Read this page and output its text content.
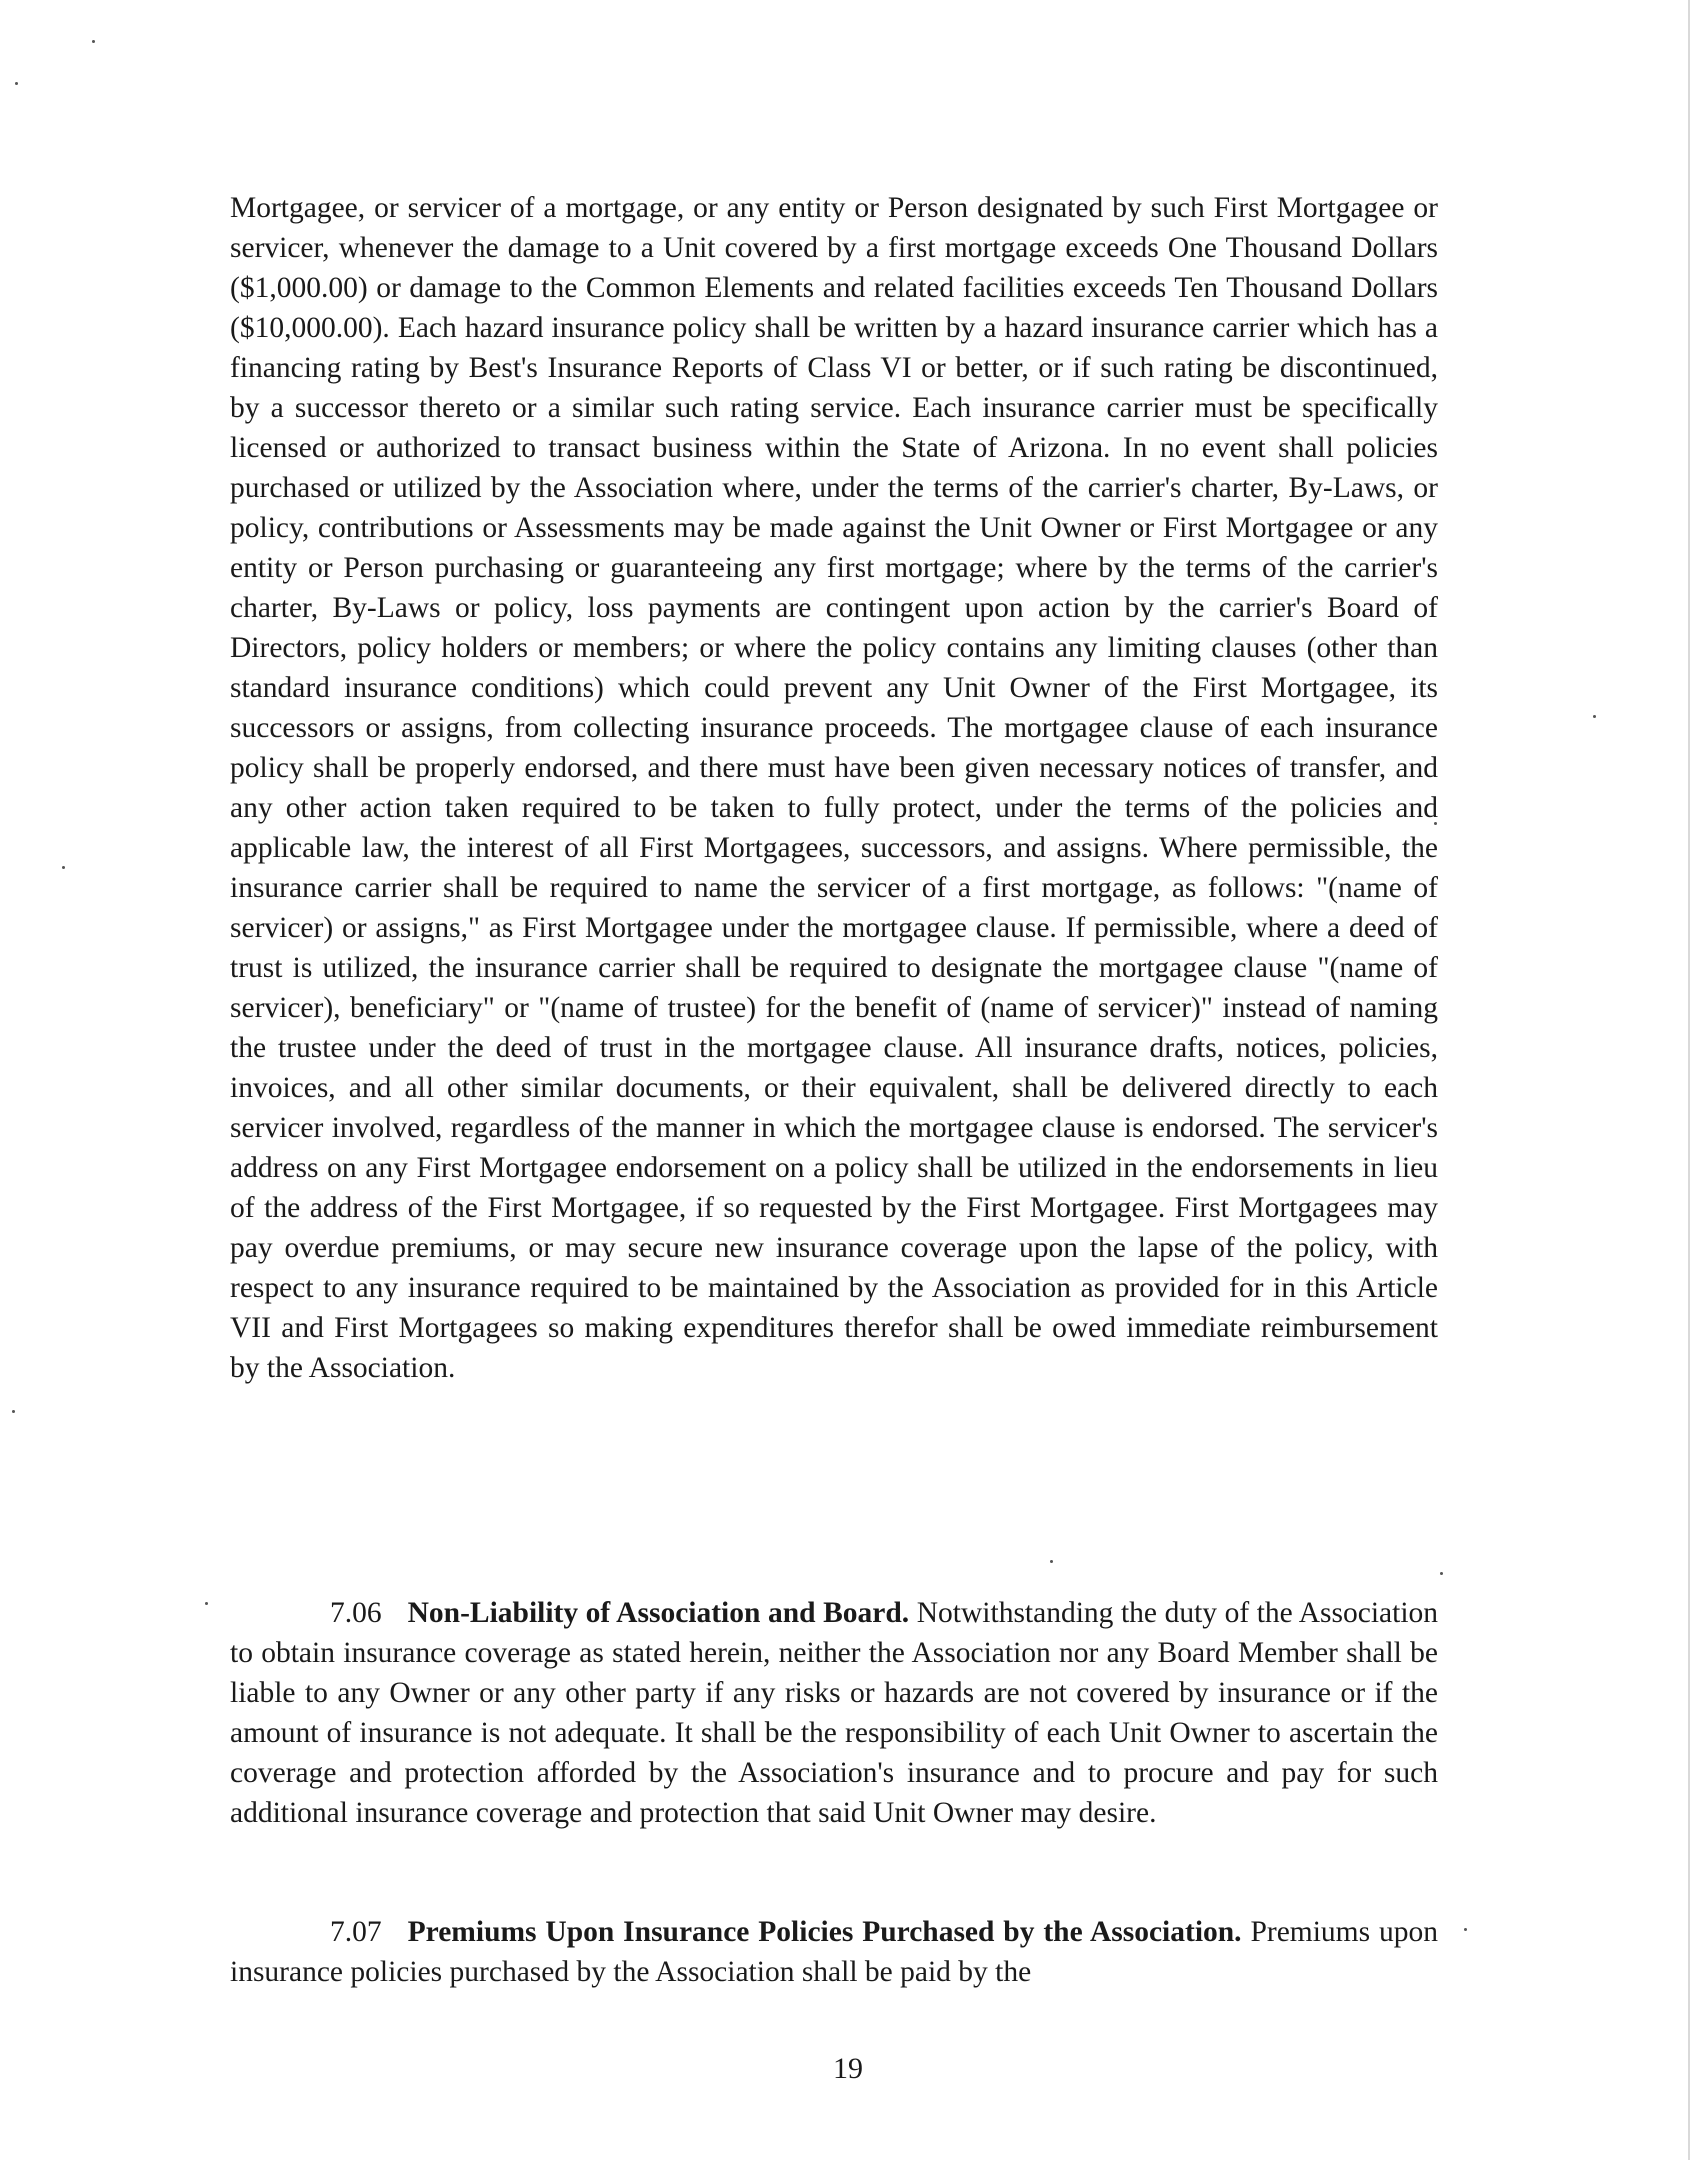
Mortgagee, or servicer of a mortgage, or any entity or Person designated by such First Mortgagee or servicer, whenever the damage to a Unit covered by a first mortgage exceeds One Thousand Dollars ($1,000.00) or damage to the Common Elements and related facilities exceeds Ten Thousand Dollars ($10,000.00). Each hazard insurance policy shall be written by a hazard insurance carrier which has a financing rating by Best's Insurance Reports of Class VI or better, or if such rating be discontinued, by a successor thereto or a similar such rating service. Each insurance carrier must be specifically licensed or authorized to transact business within the State of Arizona. In no event shall policies purchased or utilized by the Association where, under the terms of the carrier's charter, By-Laws, or policy, contributions or Assessments may be made against the Unit Owner or First Mortgagee or any entity or Person purchasing or guaranteeing any first mortgage; where by the terms of the carrier's charter, By-Laws or policy, loss payments are contingent upon action by the carrier's Board of Directors, policy holders or members; or where the policy contains any limiting clauses (other than standard insurance conditions) which could prevent any Unit Owner of the First Mortgagee, its successors or assigns, from collecting insurance proceeds. The mortgagee clause of each insurance policy shall be properly endorsed, and there must have been given necessary notices of transfer, and any other action taken required to be taken to fully protect, under the terms of the policies and applicable law, the interest of all First Mortgagees, successors, and assigns. Where permissible, the insurance carrier shall be required to name the servicer of a first mortgage, as follows: "(name of servicer) or assigns," as First Mortgagee under the mortgagee clause. If permissible, where a deed of trust is utilized, the insurance carrier shall be required to designate the mortgagee clause "(name of servicer), beneficiary" or "(name of trustee) for the benefit of (name of servicer)" instead of naming the trustee under the deed of trust in the mortgagee clause. All insurance drafts, notices, policies, invoices, and all other similar documents, or their equivalent, shall be delivered directly to each servicer involved, regardless of the manner in which the mortgagee clause is endorsed. The servicer's address on any First Mortgagee endorsement on a policy shall be utilized in the endorsements in lieu of the address of the First Mortgagee, if so requested by the First Mortgagee. First Mortgagees may pay overdue premiums, or may secure new insurance coverage upon the lapse of the policy, with respect to any insurance required to be maintained by the Association as provided for in this Article VII and First Mortgagees so making expenditures therefor shall be owed immediate reimbursement by the Association.

7.06 Non-Liability of Association and Board. Notwithstanding the duty of the Association to obtain insurance coverage as stated herein, neither the Association nor any Board Member shall be liable to any Owner or any other party if any risks or hazards are not covered by insurance or if the amount of insurance is not adequate. It shall be the responsibility of each Unit Owner to ascertain the coverage and protection afforded by the Association's insurance and to procure and pay for such additional insurance coverage and protection that said Unit Owner may desire.

7.07 Premiums Upon Insurance Policies Purchased by the Association. Premiums upon insurance policies purchased by the Association shall be paid by the

19
